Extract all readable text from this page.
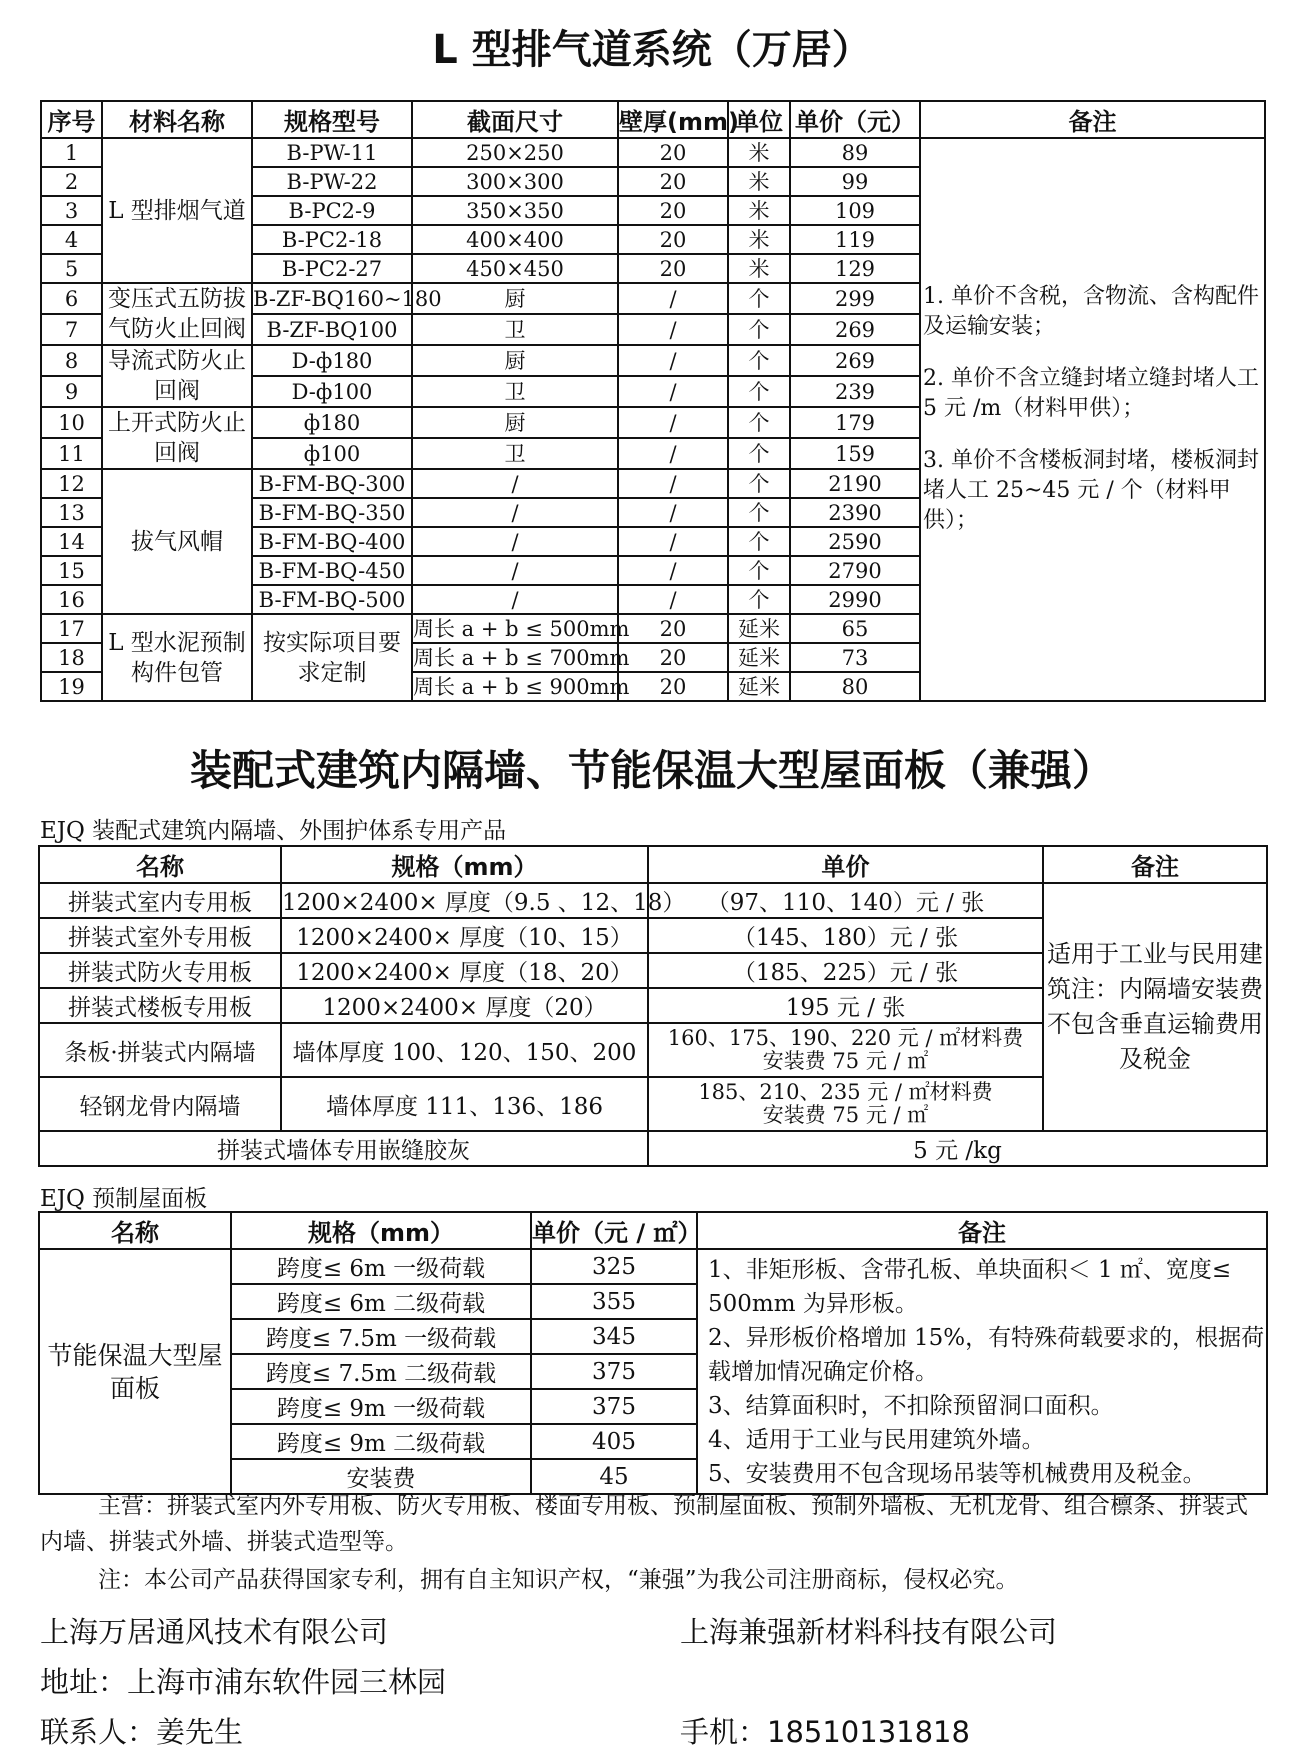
L 型排气道系统（万居）
序号	材料名称	规格型号	截面尺寸	壁厚(mm)	单位	单价（元）	备注
1	L 型排烟气道	B-PW-11	250×250	20	米	89	1. 单价不含税，含物流、含构配件及运输安装；
2. 单价不含立缝封堵立缝封堵人工 5 元 /m（材料甲供）；
3. 单价不含楼板洞封堵，楼板洞封堵人工 25~45 元 / 个（材料甲供）；

2		B-PW-22	300×300	20	米	99	
3		B-PC2-9	350×350	20	米	109	
4		B-PC2-18	400×400	20	米	119	
5		B-PC2-27	450×450	20	米	129	
6	变压式五防拔气防火止回阀	B-ZF-BQ160~180	厨	/	个	299	
7		B-ZF-BQ100	卫	/	个	269	
8	导流式防火止回阀	D-ф180	厨	/	个	269	
9		D-ф100	卫	/	个	239	
10	上开式防火止回阀	ф180	厨	/	个	179	
11		ф100	卫	/	个	159	
12	拔气风帽	B-FM-BQ-300	/	/	个	2190	
13		B-FM-BQ-350	/	/	个	2390	
14		B-FM-BQ-400	/	/	个	2590	
15		B-FM-BQ-450	/	/	个	2790	
16		B-FM-BQ-500	/	/	个	2990	
17	L 型水泥预制构件包管	按实际项目要求定制	周长 a + b ≤ 500mm	20	延米	65	
18			周长 a + b ≤ 700mm	20	延米	73	
19			周长 a + b ≤ 900mm	20	延米	80	
装配式建筑内隔墙、节能保温大型屋面板（兼强）
EJQ 装配式建筑内隔墙、外围护体系专用产品
名称	规格（mm）	单价	备注
拼装式室内专用板	1200×2400× 厚度（9.5 、12、18）	（97、110、140）元 / 张	适用于工业与民用建筑注：内隔墙安装费不包含垂直运输费用及税金
拼装式室外专用板	1200×2400× 厚度（10、15）	（145、180）元 / 张	
拼装式防火专用板	1200×2400× 厚度（18、20）	（185、225）元 / 张	
拼装式楼板专用板	1200×2400× 厚度（20）	195 元 / 张	
条板·拼装式内隔墙	墙体厚度 100、120、150、200	160、175、190、220 元 / ㎡材料费
安装费 75 元 / ㎡	

轻钢龙骨内隔墙	墙体厚度 111、136、186	185、210、235 元 / ㎡材料费
安装费 75 元 / ㎡	

拼装式墙体专用嵌缝胶灰		5 元 /kg	
EJQ 预制屋面板
名称	规格（mm）	单价（元 / ㎡）	备注
节能保温大型屋面板	跨度≤ 6m 一级荷载	325	1、非矩形板、含带孔板、单块面积＜ 1 ㎡、宽度≤ 500mm 为异形板。
2、异形板价格增加 15%，有特殊荷载要求的，根据荷载增加情况确定价格。
3、结算面积时，不扣除预留洞口面积。
4、适用于工业与民用建筑外墙。
5、安装费用不包含现场吊装等机械费用及税金。

	跨度≤ 6m 二级荷载	355	
	跨度≤ 7.5m 一级荷载	345	
	跨度≤ 7.5m 二级荷载	375	
	跨度≤ 9m 一级荷载	375	
	跨度≤ 9m 二级荷载	405	
	安装费	45	
主营：拼装式室内外专用板、防火专用板、楼面专用板、预制屋面板、预制外墙板、无机龙骨、组合檩条、拼装式内墙、拼装式外墙、拼装式造型等。
注：本公司产品获得国家专利，拥有自主知识产权，“兼强”为我公司注册商标，侵权必究。
上海万居通风技术有限公司
地址：上海市浦东软件园三林园
联系人：姜先生
上海兼强新材料科技有限公司
手机：18510131818
